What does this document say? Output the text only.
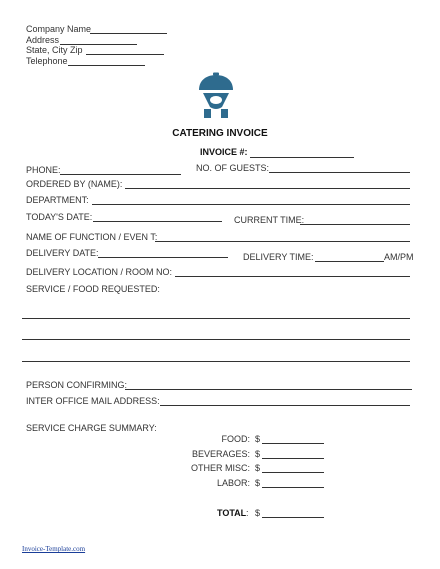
Company Name
Address
State, City Zip
Telephone
CATERING INVOICE
INVOICE #:
PHONE:	NO. OF GUESTS:
ORDERED BY (NAME):
DEPARTMENT:
TODAY'S DATE:	CURRENT TIME:
NAME OF FUNCTION / EVEN T:
DELIVERY DATE:	DELIVERY TIME:	AM/PM
DELIVERY LOCATION / ROOM NO:
SERVICE / FOOD REQUESTED:
PERSON CONFIRMING:
INTER OFFICE MAIL ADDRESS:
SERVICE CHARGE SUMMARY:
FOOD: $
BEVERAGES: $
OTHER MISC: $
LABOR: $
TOTAL : $
Invoice-Template.com
